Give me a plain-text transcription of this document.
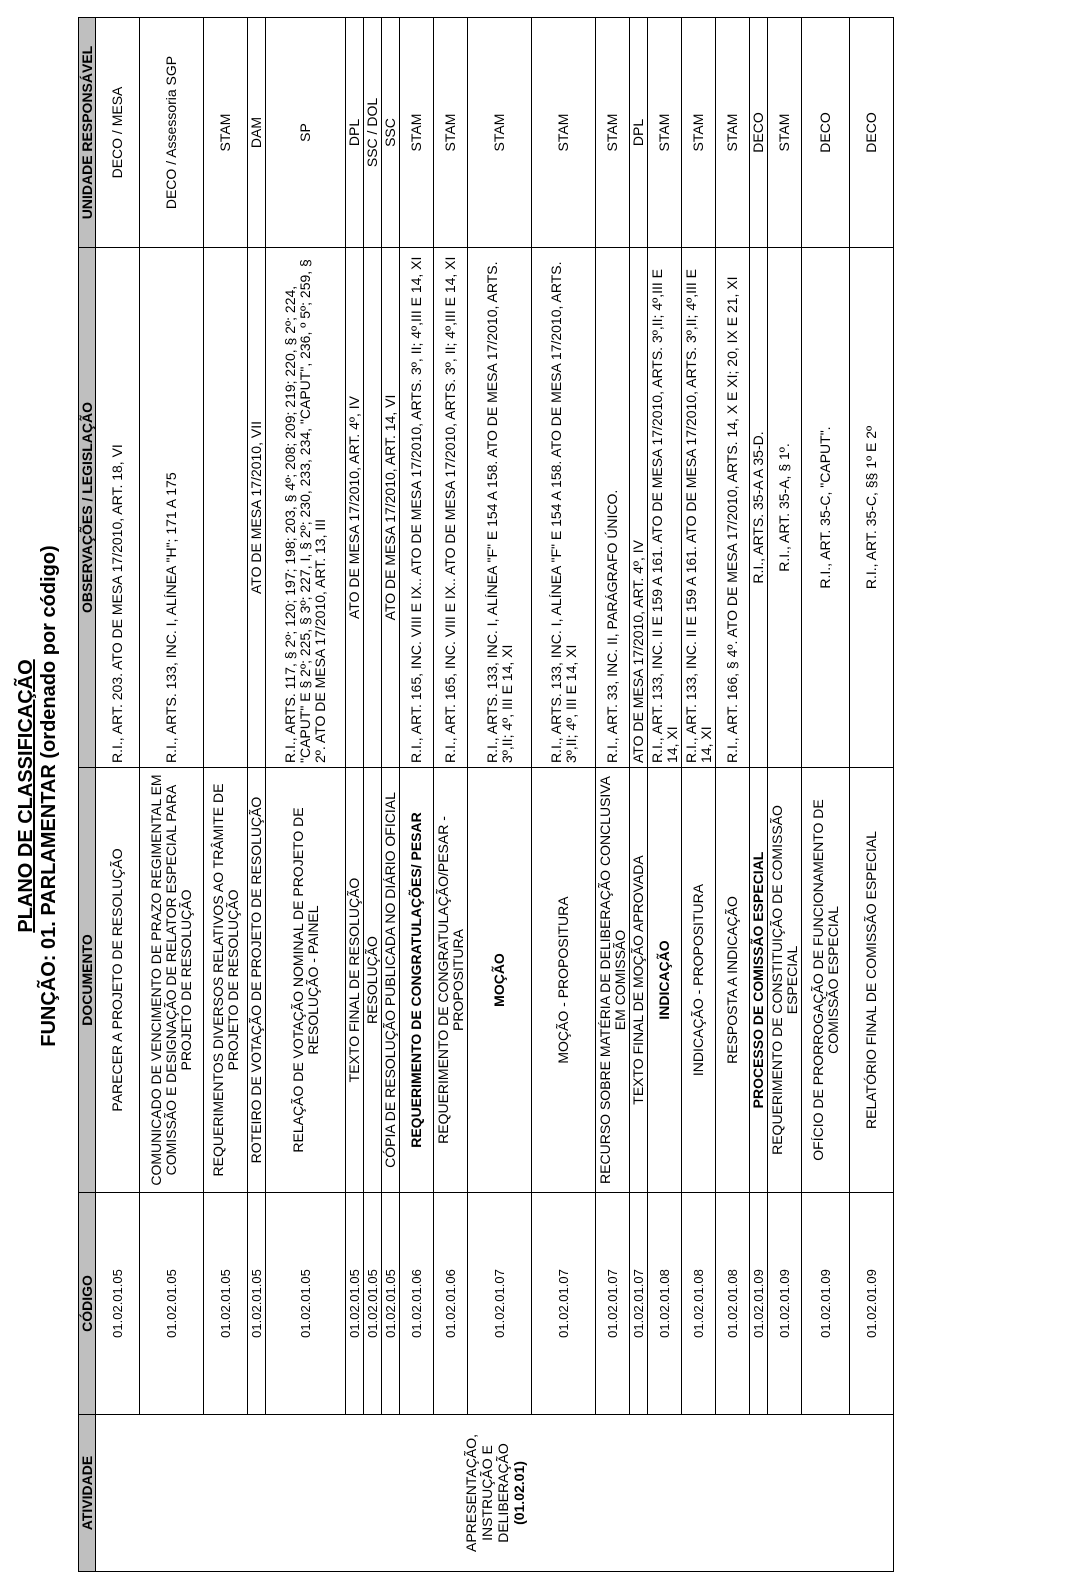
PLANO DE CLASSIFICAÇÃO FUNÇÃO: 01. PARLAMENTAR (ordenado por código)
ATIVIDADE	CÓDIGO	DOCUMENTO	OBSERVAÇÕES / LEGISLAÇÃO	UNIDADE RESPONSÁVEL
APRESENTAÇÃO, INSTRUÇÃO E DELIBERAÇÃO (01.02.01)	01.02.01.05	PARECER A PROJETO DE RESOLUÇÃO	R.I., ART. 203. ATO DE MESA 17/2010, ART. 18, VI	DECO / MESA
	01.02.01.05	COMUNICADO DE VENCIMENTO DE PRAZO REGIMENTAL EM COMISSÃO E DESIGNAÇÃO DE RELATOR ESPECIAL PARA PROJETO DE RESOLUÇÃO	R.I., ARTS. 133, INC. I, ALÍNEA "H"; 171 A 175	DECO / Assessoria SGP
	01.02.01.05	REQUERIMENTOS DIVERSOS RELATIVOS AO TRÂMITE DE PROJETO DE RESOLUÇÃO		STAM
	01.02.01.05	ROTEIRO DE VOTAÇÃO DE PROJETO DE RESOLUÇÃO	ATO DE MESA 17/2010, VII	DAM
	01.02.01.05	RELAÇÃO DE VOTAÇÃO NOMINAL DE PROJETO DE RESOLUÇÃO - PAINEL	R.I., ARTS. 117, § 2º; 120; 197; 198; 203, § 4º; 208; 209; 219; 220, § 2º; 224, "CAPUT" E § 2º; 225, § 3º; 227, I, § 2º; 230, 233, 234, "CAPUT", 236, º 5º; 259, § 2º. ATO DE MESA 17/2010, ART. 13, III	SP
	01.02.01.05	TEXTO FINAL DE RESOLUÇÃO	ATO DE MESA 17/2010, ART. 4º, IV	DPL
	01.02.01.05	RESOLUÇÃO		SSC / DOL
	01.02.01.05	CÓPIA DE RESOLUÇÃO PUBLICADA NO DIÁRIO OFICIAL	ATO DE MESA 17/2010, ART. 14, VI	SSC
	01.02.01.06	REQUERIMENTO DE CONGRATULAÇÕES/ PESAR	R.I., ART. 165, INC. VIII E IX.. ATO DE MESA 17/2010, ARTS. 3º, II; 4º,III E 14, XI	STAM
	01.02.01.06	REQUERIMENTO DE CONGRATULAÇÃO/PESAR - PROPOSITURA	R.I., ART. 165, INC. VIII E IX.. ATO DE MESA 17/2010, ARTS. 3º, II; 4º,III E 14, XI	STAM
	01.02.01.07	MOÇÃO	R.I., ARTS. 133, INC. I, ALÍNEA "F" E 154 A 158. ATO DE MESA 17/2010, ARTS. 3º,II; 4º, III E 14, XI	STAM
	01.02.01.07	MOÇÃO - PROPOSITURA	R.I., ARTS. 133, INC. I, ALÍNEA "F" E 154 A 158. ATO DE MESA 17/2010, ARTS. 3º,II; 4º, III E 14, XI	STAM
	01.02.01.07	RECURSO SOBRE MATÉRIA DE DELIBERAÇÃO CONCLUSIVA EM COMISSÃO	R.I., ART. 33, INC. II, PARÁGRAFO ÚNICO.	STAM
	01.02.01.07	TEXTO FINAL DE MOÇÃO APROVADA	ATO DE MESA 17/2010, ART. 4º, IV	DPL
	01.02.01.08	INDICAÇÃO	R.I., ART. 133, INC. II E 159 A 161. ATO DE MESA 17/2010, ARTS. 3º,II; 4º,III E 14, XI	STAM
	01.02.01.08	INDICAÇÃO - PROPOSITURA	R.I., ART. 133, INC. II E 159 A 161. ATO DE MESA 17/2010, ARTS. 3º,II; 4º,III E 14, XI	STAM
	01.02.01.08	RESPOSTA A INDICAÇÃO	R.I., ART. 166, § 4º. ATO DE MESA 17/2010, ARTS. 14, X E XI; 20, IX E 21, XI	STAM
	01.02.01.09	PROCESSO DE COMISSÃO ESPECIAL	R.I., ARTS. 35-A A 35-D.	DECO
	01.02.01.09	REQUERIMENTO DE CONSTITUIÇÃO DE COMISSÃO ESPECIAL	R.I., ART. 35-A, § 1º.	STAM
	01.02.01.09	OFÍCIO DE PRORROGAÇÃO DE FUNCIONAMENTO DE COMISSÃO ESPECIAL	R.I., ART. 35-C, "CAPUT".	DECO
	01.02.01.09	RELATÓRIO FINAL DE COMISSÃO ESPECIAL	R.I., ART. 35-C, §§ 1º E 2º	DECO
